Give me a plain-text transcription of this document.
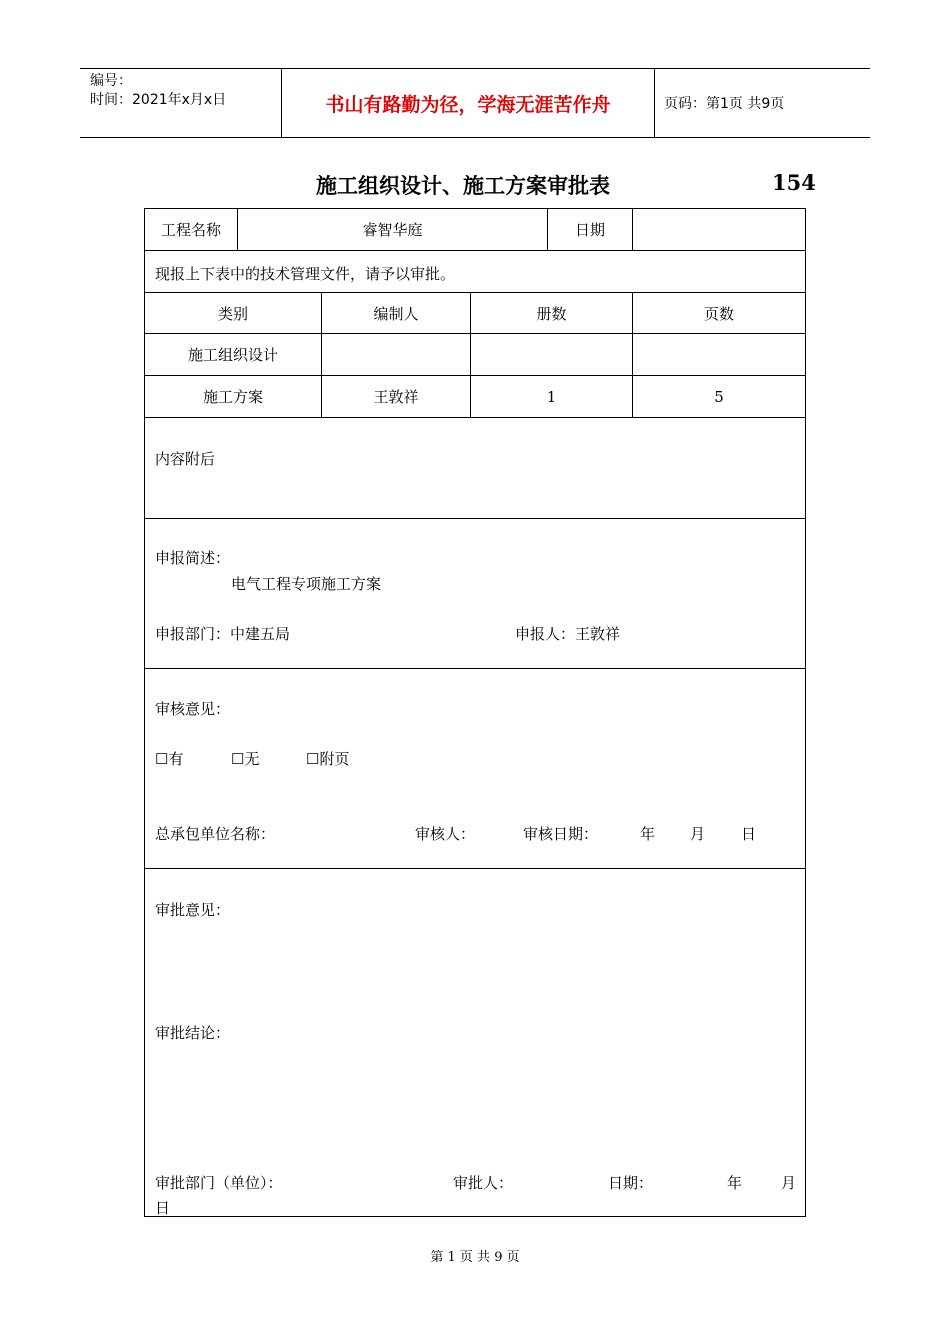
编号：
时间：2021年x月x日	书山有路勤为径，学海无涯苦作舟	页码：第1页 共9页
施工组织设计、施工方案审批表	154
工程名称	睿智华庭	日期
现报上下表中的技术管理文件，请予以审批。
类别	编制人	册数	页数
施工组织设计
施工方案	王敦祥	1	5
内容附后
申报简述：
电气工程专项施工方案
申报部门：中建五局	申报人：王敦祥
审核意见：
☐有	☐无	☐附页
总承包单位名称：	审核人：	审核日期：	年 月 日
审批意见：
审批结论：
审批部门（单位）：	审批人：	日期：	年	月
日
第 1 页 共 9 页
